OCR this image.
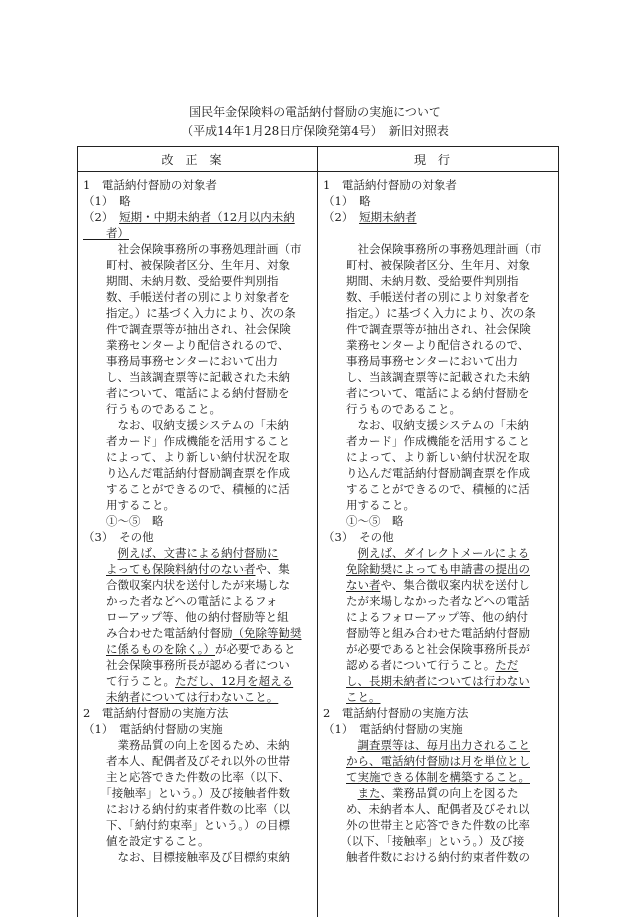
国民年金保険料の電話納付督励の実施について
（平成14年1月28日庁保険発第4号）　新旧対照表
改正案	現行
1　電話納付督励の対象者
（1）　略
（2）　短期・中期未納者（12月以内未納
　　者）
　　　社会保険事務所の事務処理計画（市
　　町村、被保険者区分、生年月、対象
　　期間、未納月数、受給要件判別指
　　数、手帳送付者の別により対象者を
　　指定。）に基づく入力により、次の条
　　件で調査票等が抽出され、社会保険
　　業務センターより配信されるので、
　　事務局事務センターにおいて出力
　　し、当該調査票等に記載された未納
　　者について、電話による納付督励を
　　行うものであること。
　　　なお、収納支援システムの「未納
　　者カード」作成機能を活用すること
　　によって、より新しい納付状況を取
　　り込んだ電話納付督励調査票を作成
　　することができるので、積極的に活
　　用すること。
　　①～⑤　略
（3）　その他
　　　例えば、文書による納付督励に
　　よっても保険料納付のない者や、集
　　合徴収案内状を送付したが来場しな
　　かった者などへの電話によるフォ
　　ローアップ等、他の納付督励等と組
　　み合わせた電話納付督励（免除等勧奨
　　に係るものを除く。）が必要であると
　　社会保険事務所長が認める者につい
　　て行うこと。ただし、12月を超える
　　未納者については行わないこと。
2　電話納付督励の実施方法
（1）　電話納付督励の実施
　　　業務品質の向上を図るため、未納
　　者本人、配偶者及びそれ以外の世帯
　　主と応答できた件数の比率（以下、
　　「接触率」という。）及び接触者件数
　　における納付約束者件数の比率（以
　　下、「納付約束率」という。）の目標
　　値を設定すること。
　　　なお、目標接触率及び目標約束納
1　電話納付督励の対象者
（1）　略
（2）　短期未納者
　　　社会保険事務所の事務処理計画（市
　　町村、被保険者区分、生年月、対象
　　期間、未納月数、受給要件判別指
　　数、手帳送付者の別により対象者を
　　指定。）に基づく入力により、次の条
　　件で調査票等が抽出され、社会保険
　　業務センターより配信されるので、
　　事務局事務センターにおいて出力
　　し、当該調査票等に記載された未納
　　者について、電話による納付督励を
　　行うものであること。
　　　なお、収納支援システムの「未納
　　者カード」作成機能を活用すること
　　によって、より新しい納付状況を取
　　り込んだ電話納付督励調査票を作成
　　することができるので、積極的に活
　　用すること。
　　①～⑤　略
（3）　その他
　　　例えば、ダイレクトメールによる
　　免除勧奨によっても申請書の提出の
　　ない者や、集合徴収案内状を送付し
　　たが来場しなかった者などへの電話
　　によるフォローアップ等、他の納付
　　督励等と組み合わせた電話納付督励
　　が必要であると社会保険事務所長が
　　認める者について行うこと。ただ
　　し、長期未納者については行わない
　　こと。
2　電話納付督励の実施方法
（1）　電話納付督励の実施
　　　調査票等は、毎月出力されること
　　から、電話納付督励は月を単位とし
　　て実施できる体制を構築すること。
　　　また、業務品質の向上を図るた
　　め、未納者本人、配偶者及びそれ以
　　外の世帯主と応答できた件数の比率
　　（以下、「接触率」という。）及び接
　　触者件数における納付約束者件数の
